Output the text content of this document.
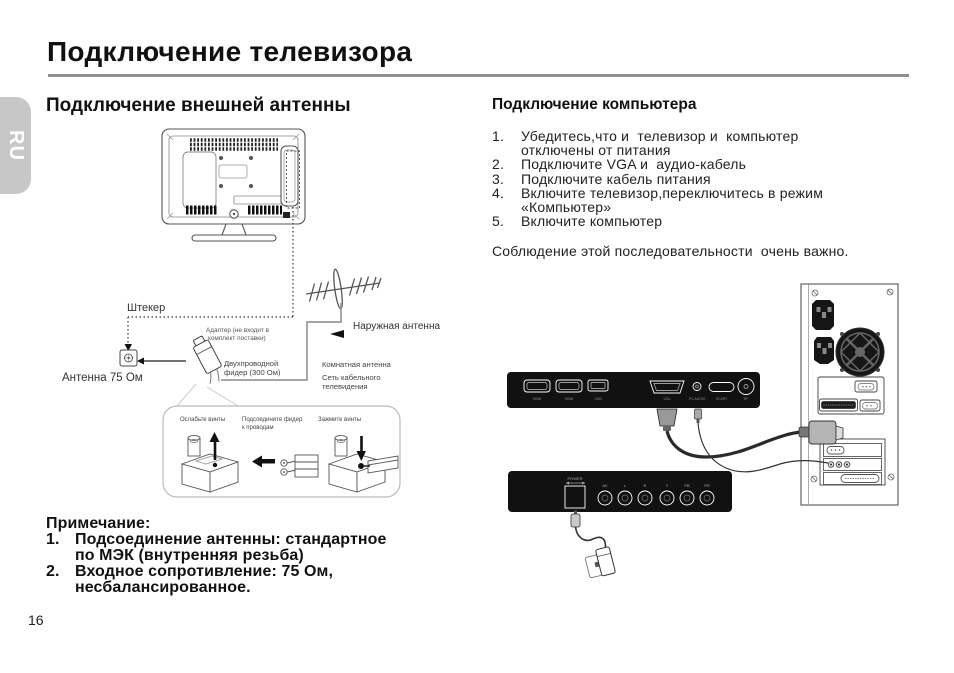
Подключение телевизора
RU
Подключение внешней антенны	Подключение компьютера
Ослабьте винты	Подсоедините фидер
к проводам
Зажмите винты
Штекер
Антенна 75 Ом
Наружная антенна
Адаптер (не входит в
комплект поставки)
Двухпроводной
фидер (300 Ом)
Комнатная антенна
Сеть кабельного
телевидения
Примечание:
1. Подсоединение антенны: стандартное
по МЭК (внутренняя резьба)
2. Входное сопротивление: 75 Ом,
несбалансированное.
1.	Убедитесь,что и  телевизор и  компьютер
отключены от питания
2.	Подключите VGA и  аудио-кабель
3.	Подключите кабель питания
4.	Включите телевизор,переключитесь в режим
«Компьютер»
5.	Включите компьютер
Соблюдение этой последовательности  очень важно.
HDMI	HDMI	USB	VGA	PC-AUDIO	SCART	RF
POWER
AV	L	R	Y	PB	PR
16
